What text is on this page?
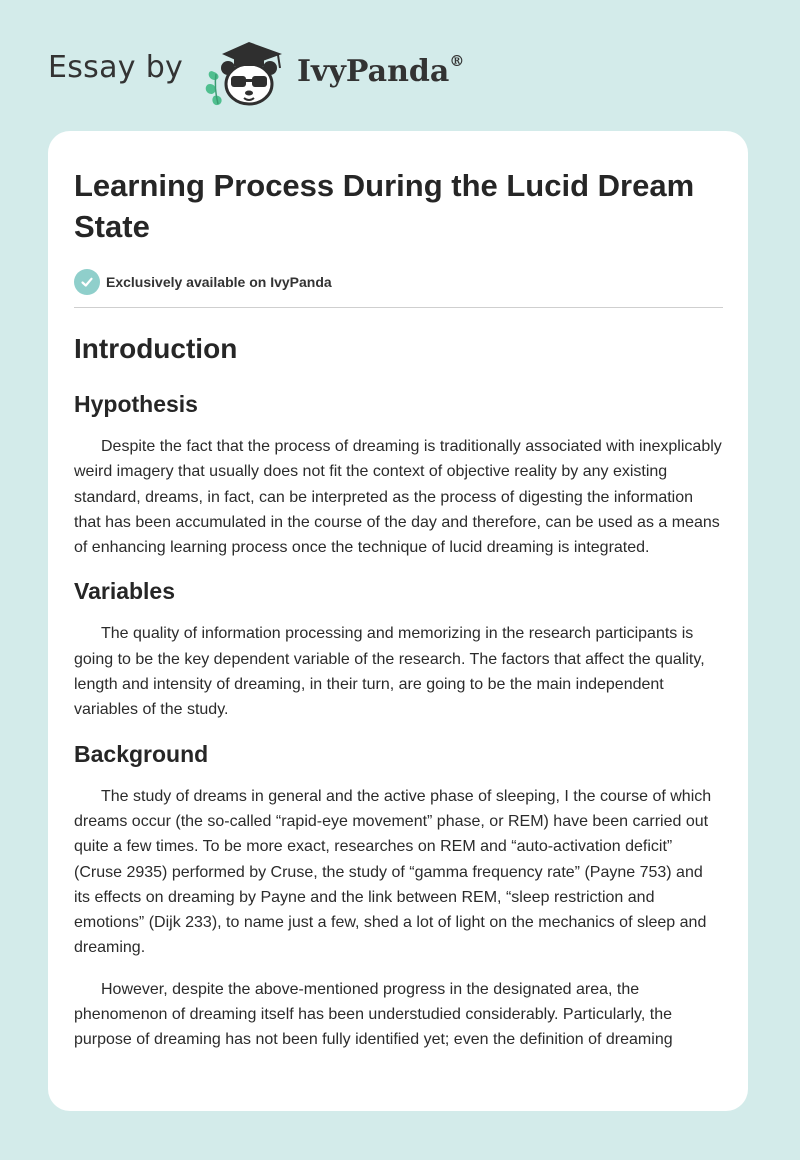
Essay by	IvyPanda®
Learning Process During the Lucid Dream State
Exclusively available on IvyPanda
Introduction
Hypothesis

Despite the fact that the process of dreaming is traditionally associated with inexplicably weird imagery that usually does not fit the context of objective reality by any existing standard, dreams, in fact, can be interpreted as the process of digesting the information that has been accumulated in the course of the day and therefore, can be used as a means of enhancing learning process once the technique of lucid dreaming is integrated.

Variables

The quality of information processing and memorizing in the research participants is going to be the key dependent variable of the research. The factors that affect the quality, length and intensity of dreaming, in their turn, are going to be the main independent variables of the study.

Background

The study of dreams in general and the active phase of sleeping, I the course of which dreams occur (the so-called “rapid-eye movement” phase, or REM) have been carried out quite a few times. To be more exact, researches on REM and “auto-activation deficit” (Cruse 2935) performed by Cruse, the study of “gamma frequency rate” (Payne 753) and its effects on dreaming by Payne and the link between REM, “sleep restriction and emotions” (Dijk 233), to name just a few, shed a lot of light on the mechanics of sleep and dreaming.

However, despite the above-mentioned progress in the designated area, the phenomenon of dreaming itself has been understudied considerably. Particularly, the purpose of dreaming has not been fully identified yet; even the definition of dreaming
